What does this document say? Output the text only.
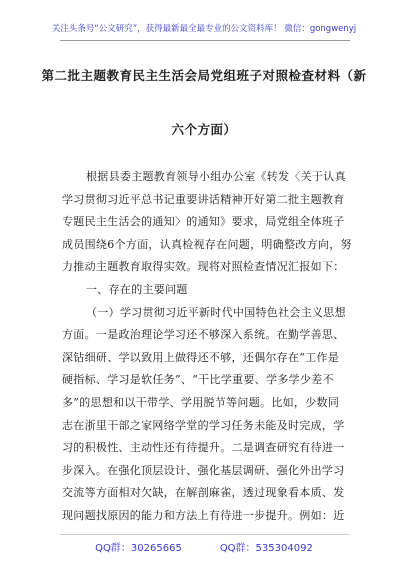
关注头条号“公文研究”，获得最新最全最专业的公文资料库！ 微信：gongwenyj
第二批主题教育民主生活会局党组班子对照检查材料（新
六个方面）
根据县委主题教育领导小组办公室《转发〈关于认真
学习贯彻习近平总书记重要讲话精神开好第二批主题教育
专题民主生活会的通知〉的通知》要求，局党组全体班子
成员围绕6个方面，认真检视存在问题，明确整改方向，努
力推动主题教育取得实效。现将对照检查情况汇报如下：
一、存在的主要问题
（一）学习贯彻习近平新时代中国特色社会主义思想
方面。一是政治理论学习还不够深入系统。在勤学善思、
深钻细研、学以致用上做得还不够，还偶尔存在“工作是
硬指标、学习是软任务”、“干比学重要、学多学少差不
多”的思想和以干带学、学用脱节等问题。比如，少数同
志在浙里干部之家网络学堂的学习任务未能及时完成，学
习的积极性、主动性还有待提升。二是调查研究有待进一
步深入。在强化顶层设计、强化基层调研、强化外出学习
交流等方面相对欠缺，在解剖麻雀，透过现象看本质、发
现问题找原因的能力和方法上有待进一步提升。例如：近
QQ群：30265665	QQ群：535304092
